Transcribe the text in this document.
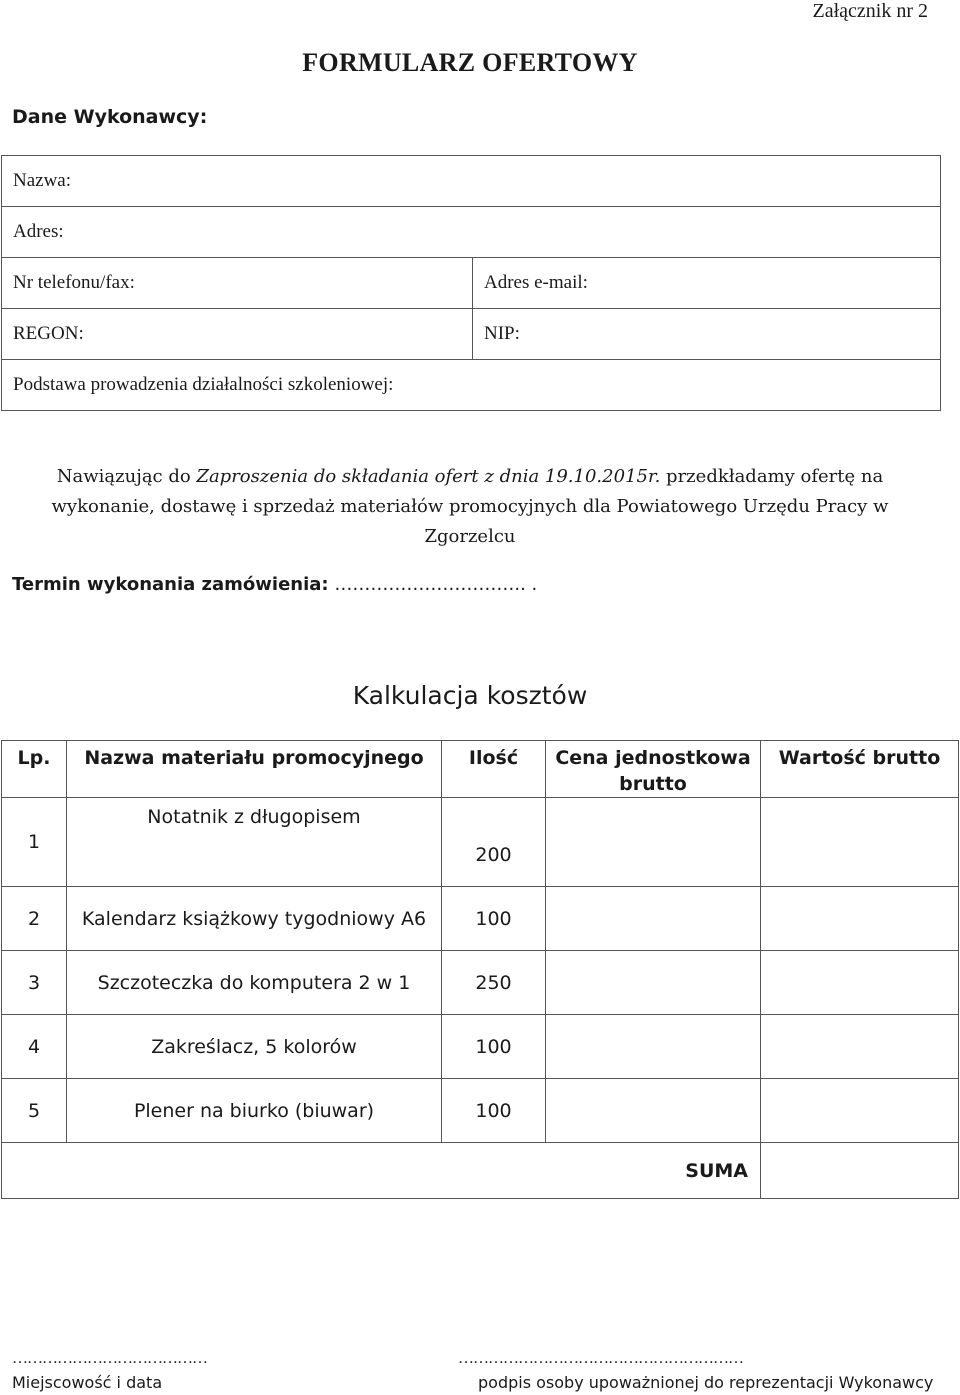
Załącznik nr 2
FORMULARZ OFERTOWY
Dane Wykonawcy:
Nazwa:	
Adres:	
Nr telefonu/fax:	Adres e-mail:
REGON:	NIP:
Podstawa prowadzenia działalności szkoleniowej:	
Nawiązując do Zaproszenia do składania ofert z dnia 19.10.2015r. przedkładamy ofertę na wykonanie, dostawę i sprzedaż materiałów promocyjnych dla Powiatowego Urzędu Pracy w Zgorzelcu
Termin wykonania zamówienia: ………………………….. .
Kalkulacja kosztów
Lp.	Nazwa materiału promocyjnego	Ilość	Cena jednostkowa brutto	Wartość brutto
1	Notatnik z długopisem	200		
2	Kalendarz książkowy tygodniowy A6	100		
3	Szczoteczka do komputera 2 w 1	250		
4	Zakreślacz, 5 kolorów	100		
5	Plener na biurko (biuwar)	100		
SUMA				
…………………………………
Miejscowość i data
…………………………………………………
podpis osoby upoważnionej do reprezentacji Wykonawcy
